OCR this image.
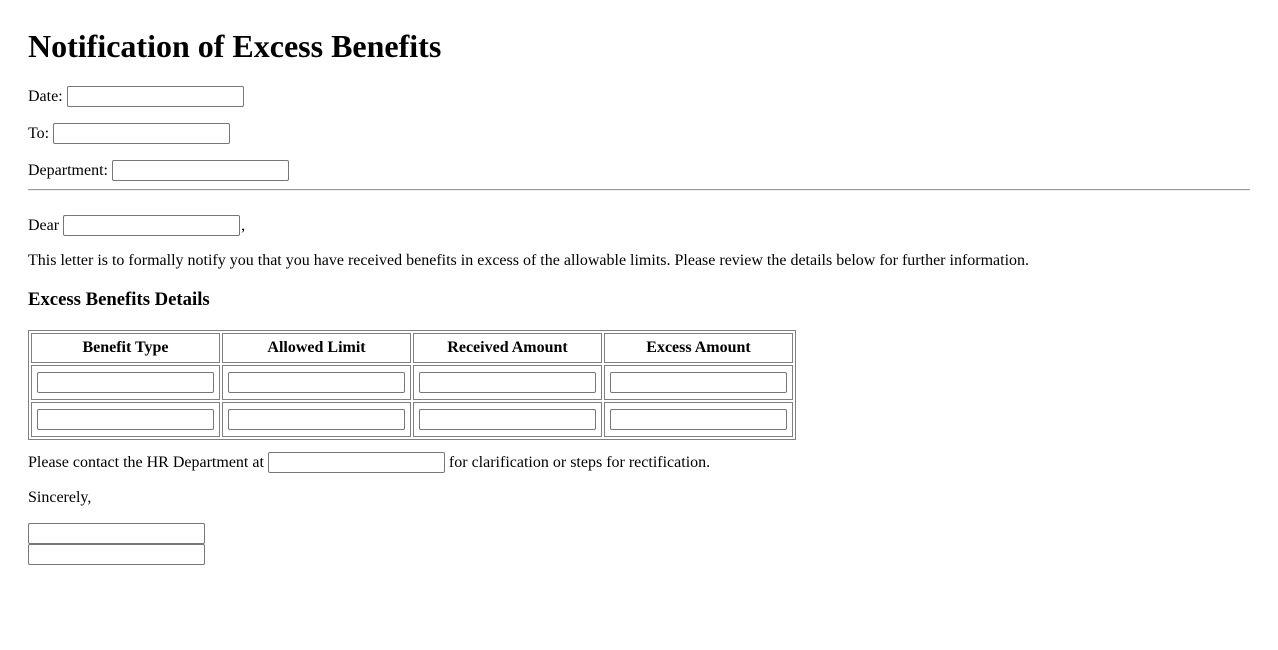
Notification of Excess Benefits
Date:
To:
Department:
Dear	,

This letter is to formally notify you that you have received benefits in excess of the allowable limits. Please review the details below for further information.

Excess Benefits Details
Benefit Type	Allowed Limit	Received Amount	Excess Amount

Please contact the HR Department at	for clarification or steps for rectification.
Sincerely,
